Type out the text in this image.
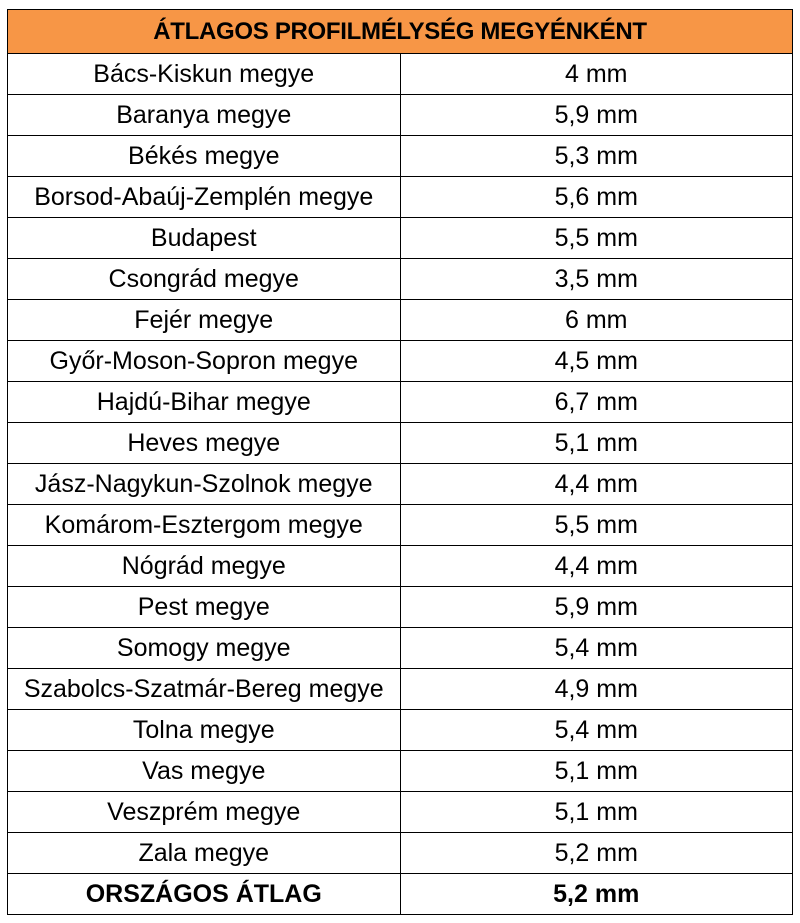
ÁTLAGOS PROFILMÉLYSÉG MEGYÉNKÉNT	
Bács-Kiskun megye	4 mm
Baranya megye	5,9 mm
Békés megye	5,3 mm
Borsod-Abaúj-Zemplén megye	5,6 mm
Budapest	5,5 mm
Csongrád megye	3,5 mm
Fejér megye	6 mm
Győr-Moson-Sopron megye	4,5 mm
Hajdú-Bihar megye	6,7 mm
Heves megye	5,1 mm
Jász-Nagykun-Szolnok megye	4,4 mm
Komárom-Esztergom megye	5,5 mm
Nógrád megye	4,4 mm
Pest megye	5,9 mm
Somogy megye	5,4 mm
Szabolcs-Szatmár-Bereg megye	4,9 mm
Tolna megye	5,4 mm
Vas megye	5,1 mm
Veszprém megye	5,1 mm
Zala megye	5,2 mm
ORSZÁGOS ÁTLAG	5,2 mm
